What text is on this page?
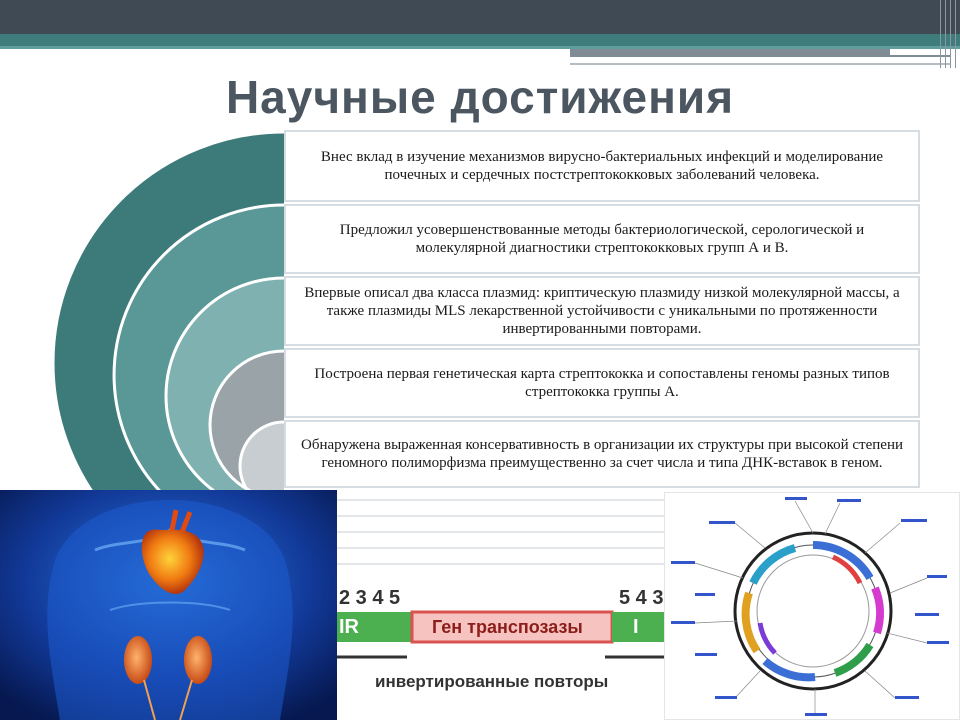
Научные достижения
Внес вклад в изучение механизмов вирусно-бактериальных инфекций и моделирование почечных и сердечных постстрептококковых заболеваний человека.
Предложил усовершенствованные методы бактериологической, серологической и молекулярной диагностики стрептококковых групп А и В.
Впервые описал два класса плазмид: криптическую плазмиду низкой молекулярной массы, а также плазмиды MLS лекарственной устойчивости с уникальными по протяженности инвертированными повторами.
Построена первая генетическая карта стрептококка и сопоставлены геномы разных типов стрептококка группы А.
Обнаружена выраженная консервативность в организации их структуры при высокой степени геномного полиморфизма преимущественно за счет числа и типа ДНК-вставок в геном.
2 3 4 5	5 4 3
IR	Ген транспозазы	I
инвертированные повторы
